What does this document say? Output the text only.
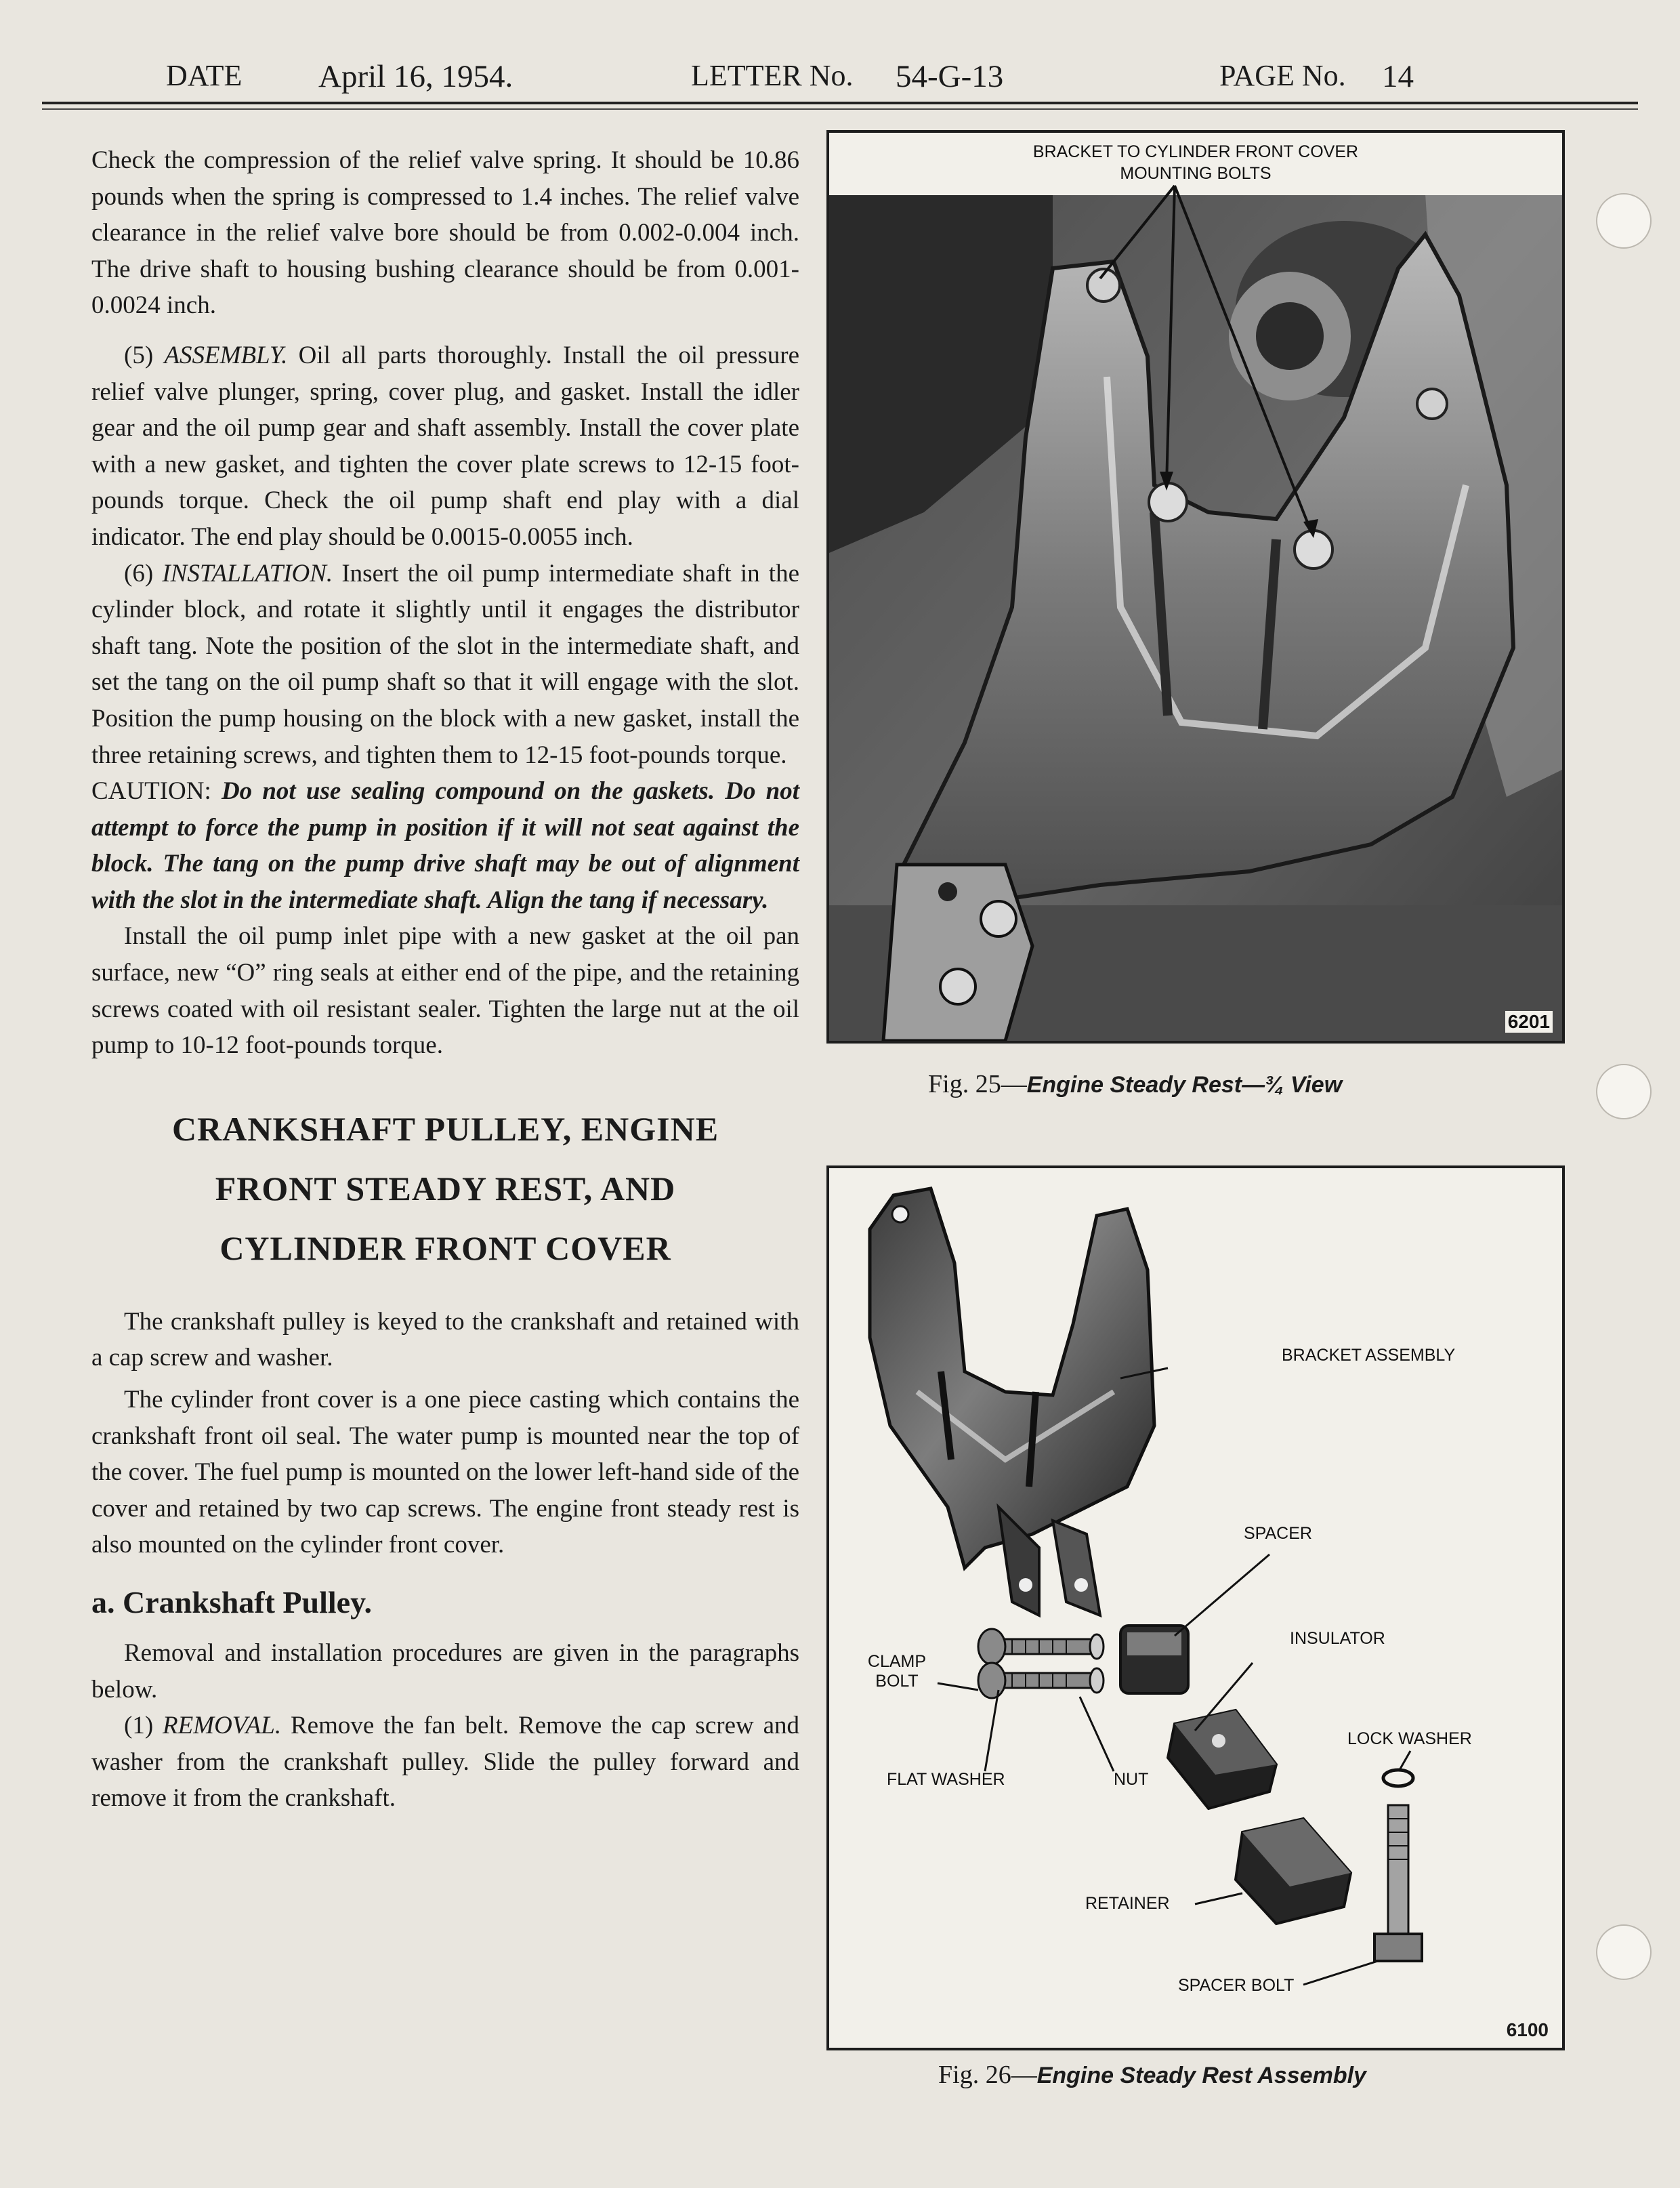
DATE April 16, 1954.	LETTER No. 54-G-13	PAGE No. 14

Check the compression of the relief valve spring. It should be 10.86 pounds when the spring is compressed to 1.4 inches. The relief valve clearance in the relief valve bore should be from 0.002-0.004 inch. The drive shaft to housing bushing clearance should be from 0.001-0.0024 inch.

(5) ASSEMBLY. Oil all parts thoroughly. Install the oil pressure relief valve plunger, spring, cover plug, and gasket. Install the idler gear and the oil pump gear and shaft assembly. Install the cover plate with a new gasket, and tighten the cover plate screws to 12-15 foot-pounds torque. Check the oil pump shaft end play with a dial indicator. The end play should be 0.0015-0.0055 inch.

(6) INSTALLATION. Insert the oil pump intermediate shaft in the cylinder block, and rotate it slightly until it engages the distributor shaft tang. Note the position of the slot in the intermediate shaft, and set the tang on the oil pump shaft so that it will engage with the slot. Position the pump housing on the block with a new gasket, install the three retaining screws, and tighten them to 12-15 foot-pounds torque.

CAUTION: Do not use sealing compound on the gaskets. Do not attempt to force the pump in position if it will not seat against the block. The tang on the pump drive shaft may be out of alignment with the slot in the intermediate shaft. Align the tang if necessary.

Install the oil pump inlet pipe with a new gasket at the oil pan surface, new “O” ring seals at either end of the pipe, and the retaining screws coated with oil resistant sealer. Tighten the large nut at the oil pump to 10-12 foot-pounds torque.

CRANKSHAFT PULLEY, ENGINE
FRONT STEADY REST, AND
CYLINDER FRONT COVER

The crankshaft pulley is keyed to the crankshaft and retained with a cap screw and washer.

The cylinder front cover is a one piece casting which contains the crankshaft front oil seal. The water pump is mounted near the top of the cover. The fuel pump is mounted on the lower left-hand side of the cover and retained by two cap screws. The engine front steady rest is also mounted on the cylinder front cover.

a. Crankshaft Pulley.

Removal and installation procedures are given in the paragraphs below.

(1) REMOVAL. Remove the fan belt. Remove the cap screw and washer from the crankshaft pulley. Slide the pulley forward and remove it from the crankshaft.

BRACKET TO CYLINDER FRONT COVER
MOUNTING BOLTS
6201
Fig. 25—Engine Steady Rest—¾ View
BRACKET ASSEMBLY
SPACER
INSULATOR
CLAMP
BOLT
LOCK WASHER
FLAT WASHER	NUT
RETAINER
SPACER BOLT
6100
Fig. 26—Engine Steady Rest Assembly
